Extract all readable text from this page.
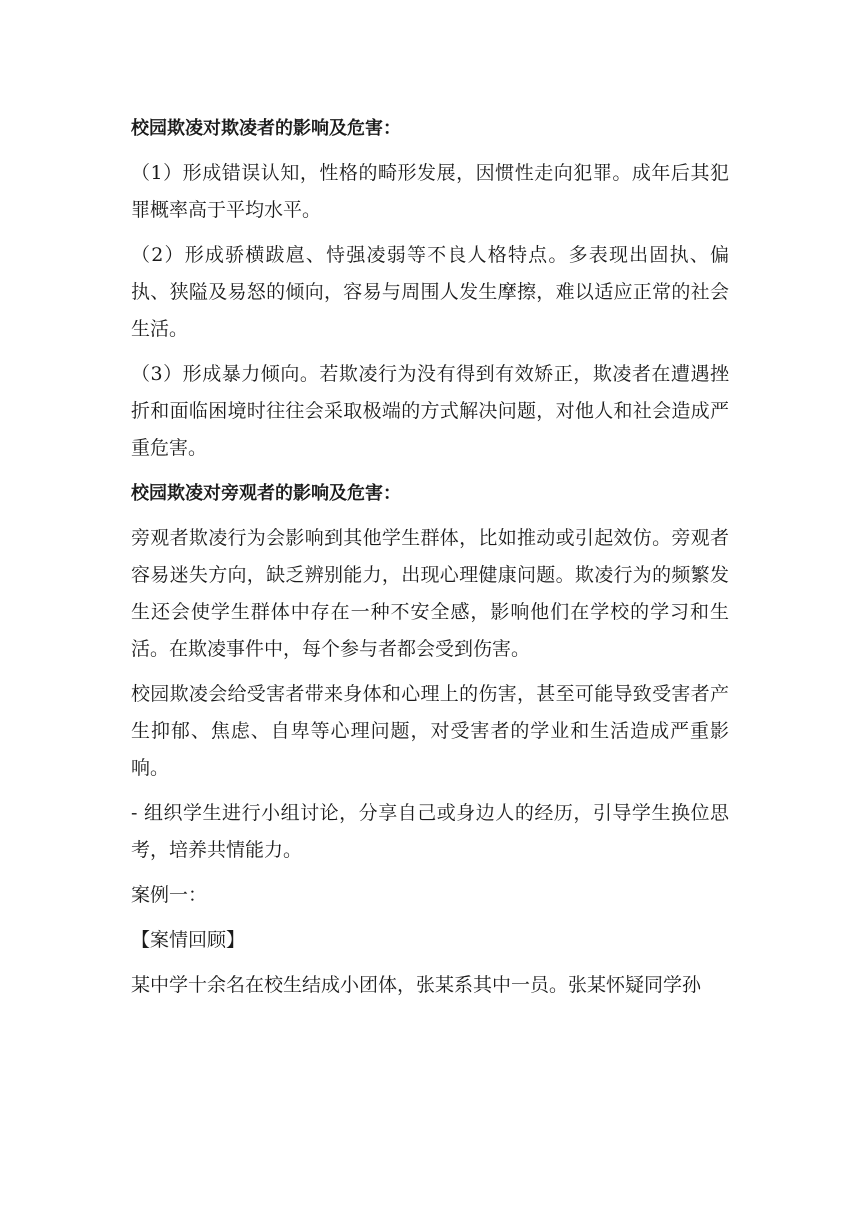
校园欺凌对欺凌者的影响及危害：

（1）形成错误认知，性格的畸形发展，因惯性走向犯罪。成年后其犯罪概率高于平均水平。

（2）形成骄横跋扈、恃强凌弱等不良人格特点。多表现出固执、偏执、狭隘及易怒的倾向，容易与周围人发生摩擦，难以适应正常的社会生活。

（3）形成暴力倾向。若欺凌行为没有得到有效矫正，欺凌者在遭遇挫折和面临困境时往往会采取极端的方式解决问题，对他人和社会造成严重危害。

校园欺凌对旁观者的影响及危害：

旁观者欺凌行为会影响到其他学生群体，比如推动或引起效仿。旁观者容易迷失方向，缺乏辨别能力，出现心理健康问题。欺凌行为的频繁发生还会使学生群体中存在一种不安全感，影响他们在学校的学习和生活。在欺凌事件中，每个参与者都会受到伤害。

校园欺凌会给受害者带来身体和心理上的伤害，甚至可能导致受害者产生抑郁、焦虑、自卑等心理问题，对受害者的学业和生活造成严重影响。

- 组织学生进行小组讨论，分享自己或身边人的经历，引导学生换位思考，培养共情能力。

案例一：

【案情回顾】

某中学十余名在校生结成小团体，张某系其中一员。张某怀疑同学孙
